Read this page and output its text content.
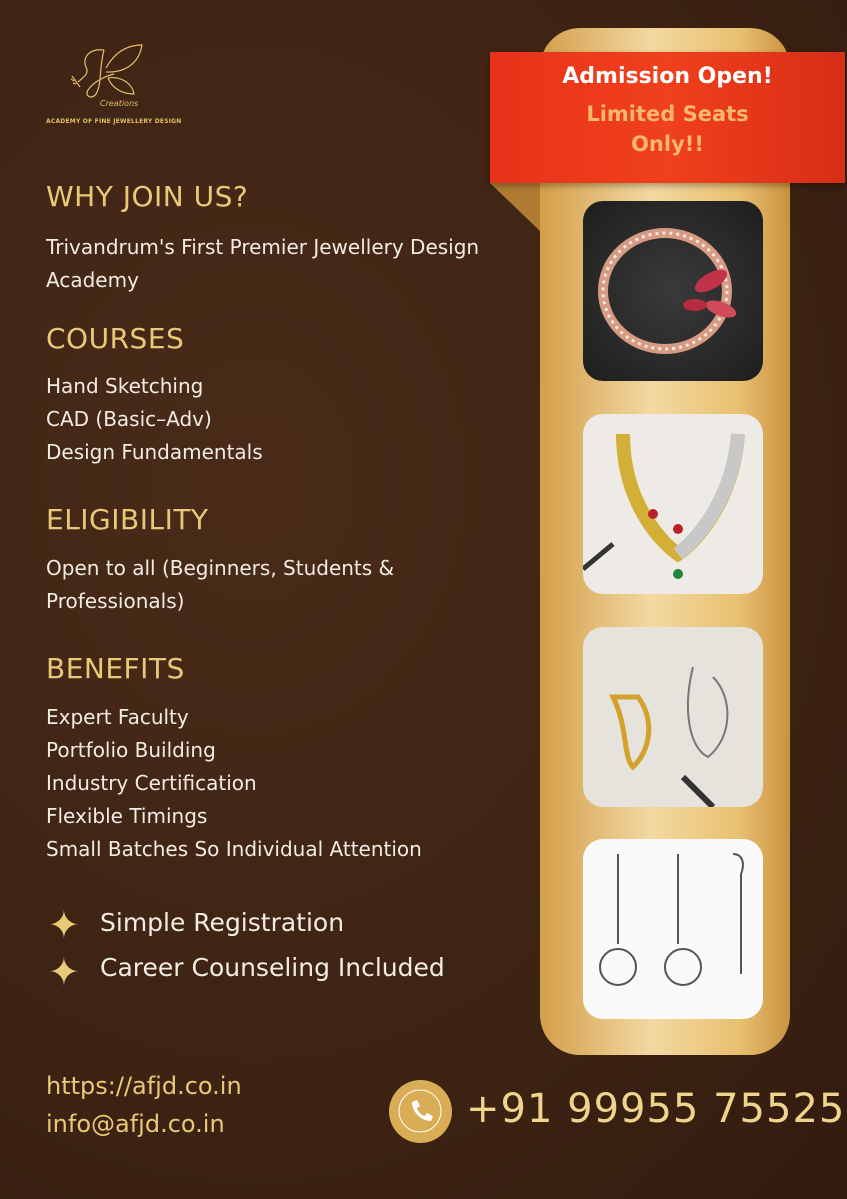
Creations
ACADEMY OF FINE JEWELLERY DESIGN
WHY JOIN US?
Trivandrum's First Premier Jewellery Design
Academy
COURSES
Hand Sketching
CAD (Basic–Adv)
Design Fundamentals
ELIGIBILITY
Open to all (Beginners, Students &
Professionals)
BENEFITS
Expert Faculty
Portfolio Building
Industry Certification
Flexible Timings
Small Batches So Individual Attention
✦ Simple Registration
✦ Career Counseling Included
Admission Open!
Limited Seats
Only!!
https://afjd.co.in
info@afjd.co.in	+91 99955 75525
